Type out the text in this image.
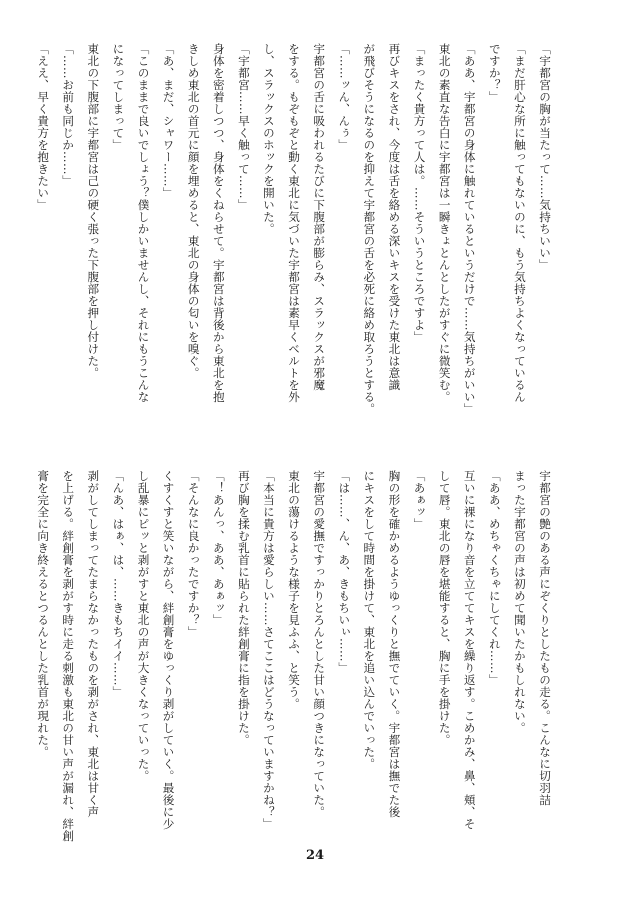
「宇都宮の胸が当たって……気持ちいい」
「まだ肝心な所に触ってもないのに、もう気持ちよくなっているん
ですか？」
「ああ、宇都宮の身体に触れているというだけで……気持ちがいい」
東北の素直な告白に宇都宮は一瞬きょとんとしたがすぐに微笑む。
「まったく貴方って人は。……そういうところですよ」
再びキスをされ、今度は舌を絡める深いキスを受けた東北は意識
が飛びそうになるのを抑えて宇都宮の舌を必死に絡め取ろうとする。
「……ッん、んぅ」
宇都宮の舌に吸われるたびに下腹部が膨らみ、スラックスが邪魔
をする。もぞもぞと動く東北に気づいた宇都宮は素早くベルトを外
し、スラックスのホックを開いた。
「宇都宮……早く触って……」
身体を密着しつつ、身体をくねらせて。宇都宮は背後から東北を抱
きしめ東北の首元に顔を埋めると、東北の身体の匂いを嗅ぐ。
「あ、まだ、シャワー……」
「このままで良いでしょう？僕しかいませんし、それにもうこんな
になってしまって」
東北の下腹部に宇都宮は己の硬く張った下腹部を押し付けた。
「……お前も同じか……」
「ええ、早く貴方を抱きたい」
宇都宮の艶のある声にぞくりとしたもの走る。こんなに切羽詰
まった宇都宮の声は初めて聞いたかもしれない。
「ああ、めちゃくちゃにしてくれ……」
互いに裸になり音を立ててキスを繰り返す。こめかみ、鼻、頬、そ
して唇。東北の唇を堪能すると、胸に手を掛けた。
「あぁッ」
胸の形を確かめるようゆっくりと撫でていく。宇都宮は撫でた後
にキスをして時間を掛けて、東北を追い込んでいった。
「は……、ん、あ、きもちいぃ……」
宇都宮の愛撫ですっかりとろんとした甘い顔つきになっていた。
東北の蕩けるような様子を見ふふ、と笑う。
「本当に貴方は愛らしい……さてここはどうなっていますかね？」
再び胸を揉む乳首に貼られた絆創膏に指を掛けた。
「！あんっ、ああ、あぁッ」
「そんなに良かったですか？」
くすくすと笑いながら、絆創膏をゆっくり剥がしていく。最後に少
し乱暴にピッと剥がすと東北の声が大きくなっていった。
「んあ、はぁ、は、……きもちイイ……」
剥がしてしまってたまらなかったものを剥がされ、東北は甘く声
を上げる。絆創膏を剥がす時に走る刺激も東北の甘い声が漏れ、絆創
膏を完全に向き終えるとつるんとした乳首が現れた。
24
